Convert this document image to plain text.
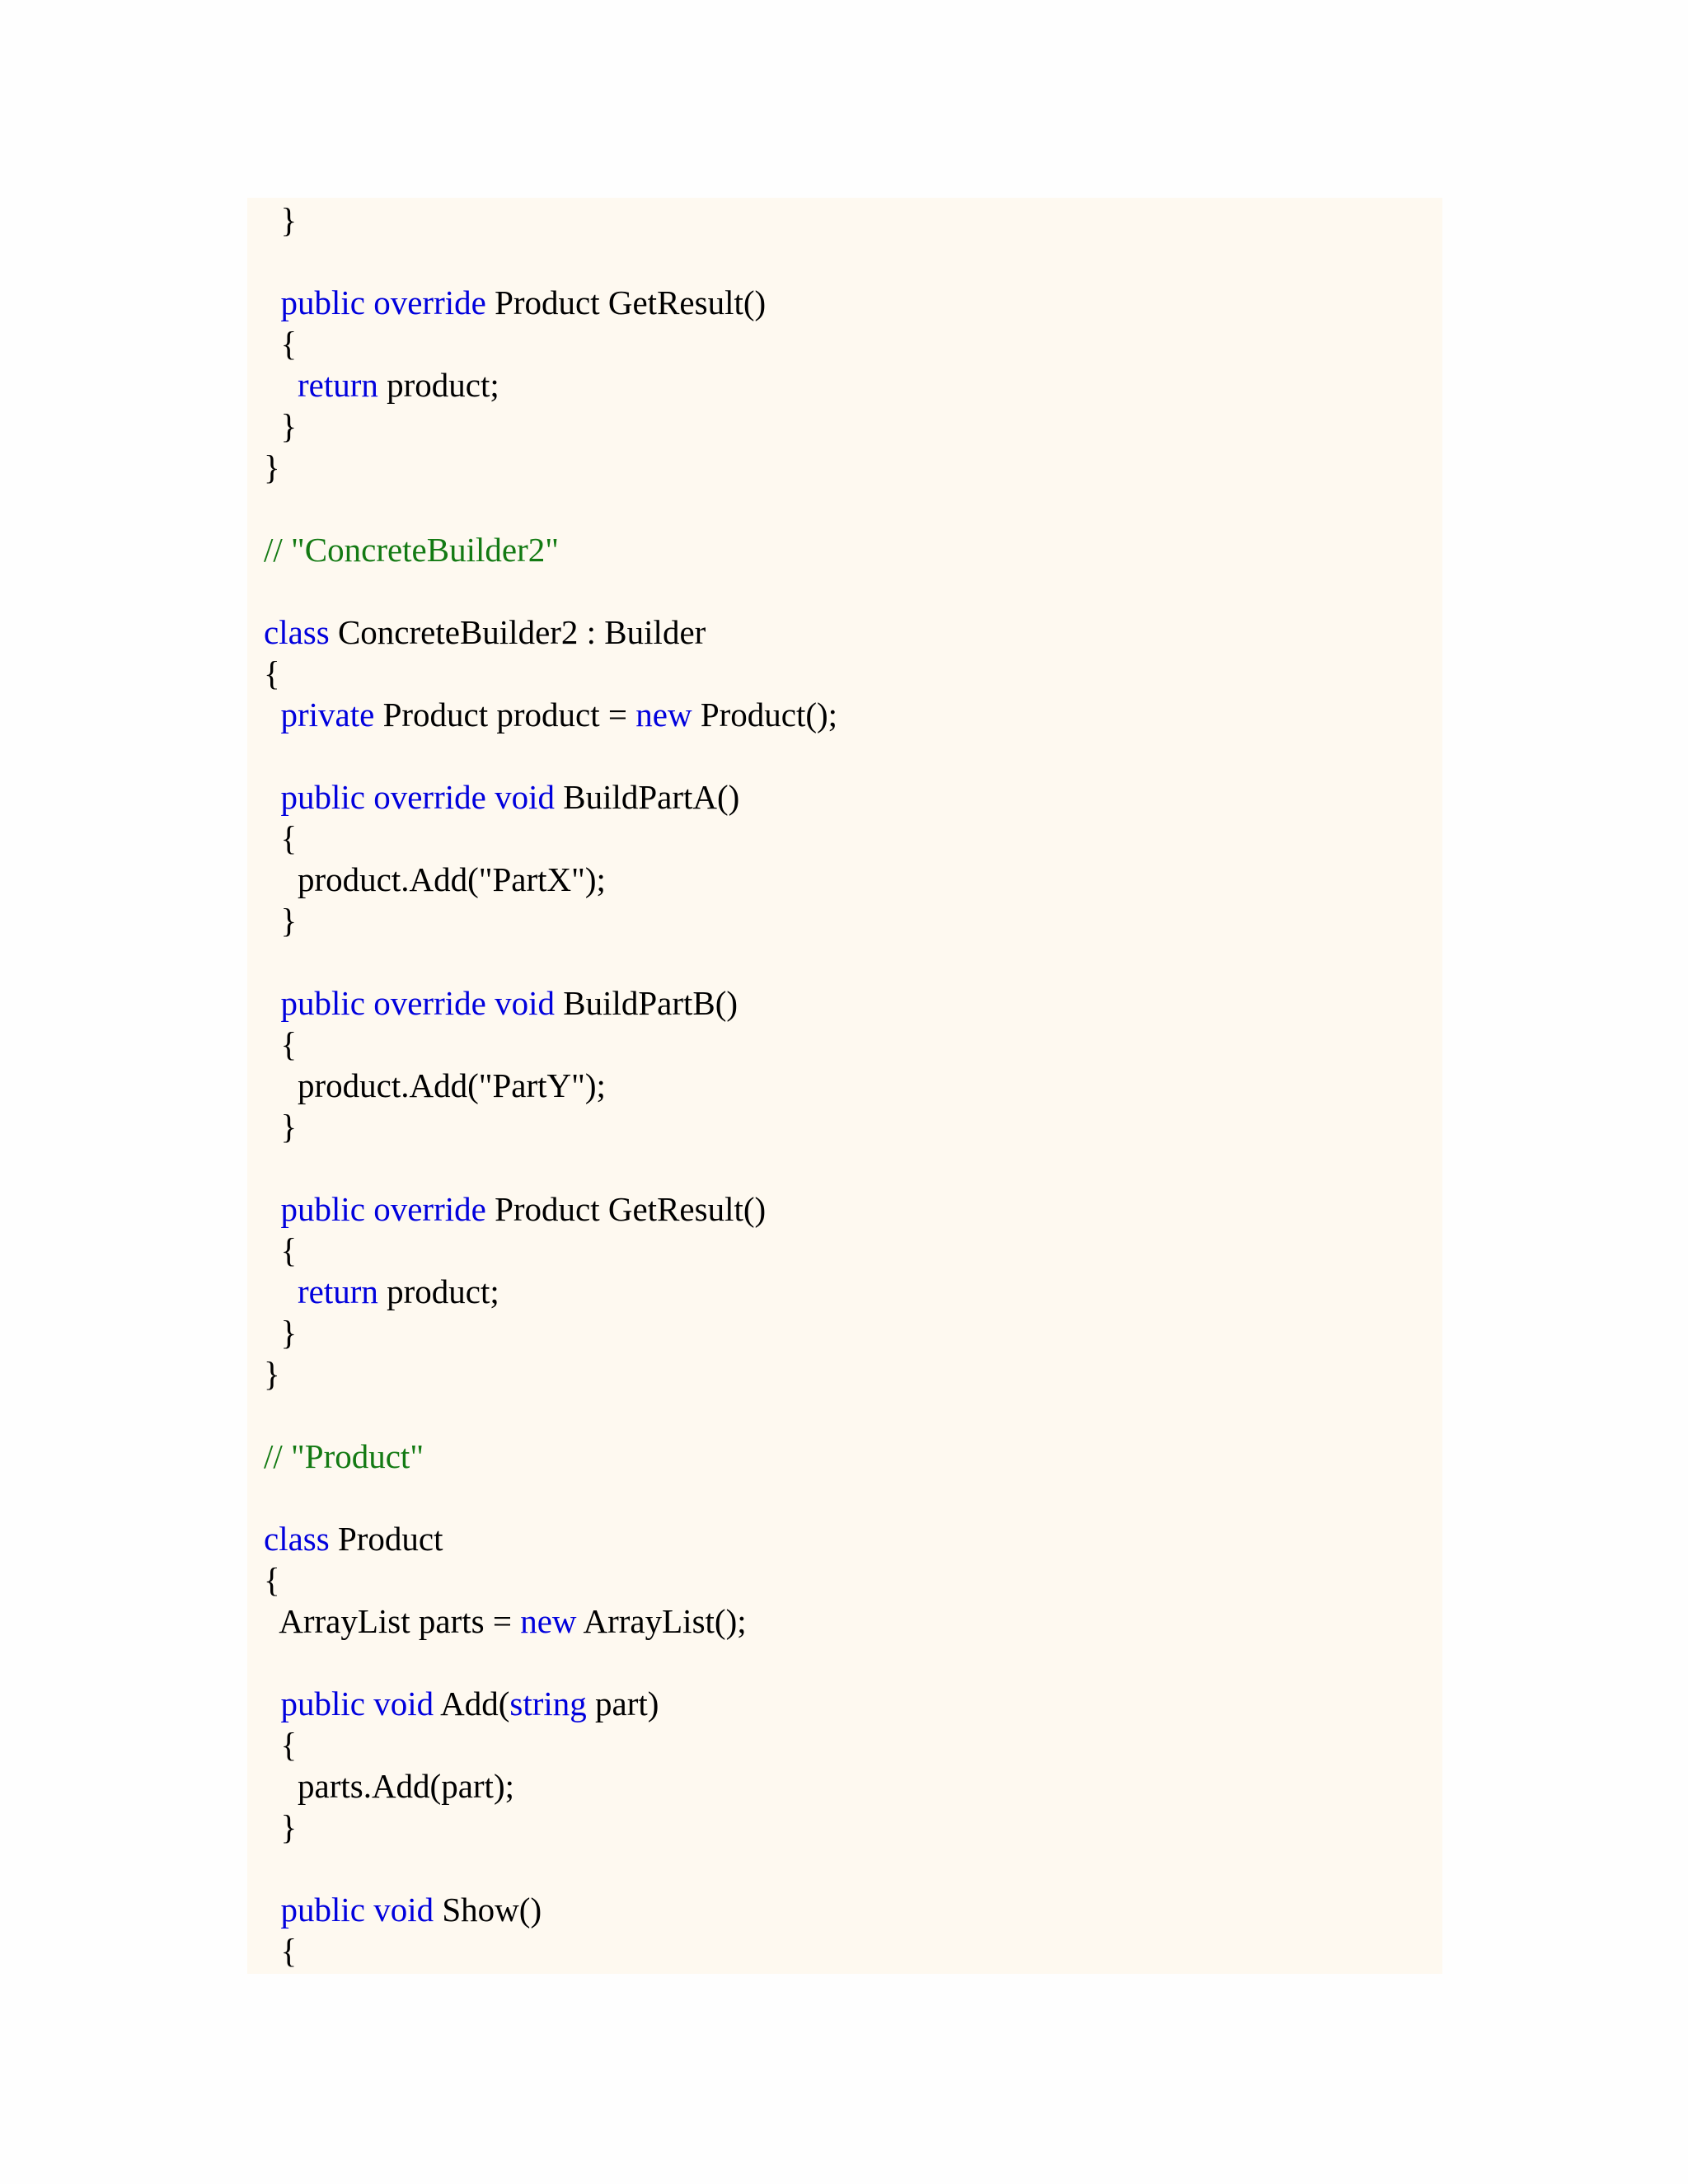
}

public override Product GetResult()
{
return product;
}
}

// "ConcreteBuilder2"

class ConcreteBuilder2 : Builder
{
private Product product = new Product();

public override void BuildPartA()
{
product.Add("PartX");
}

public override void BuildPartB()
{
product.Add("PartY");
}

public override Product GetResult()
{
return product;
}
}

// "Product"

class Product
{
ArrayList parts = new ArrayList();

public void Add(string part)
{
parts.Add(part);
}

public void Show()
{
